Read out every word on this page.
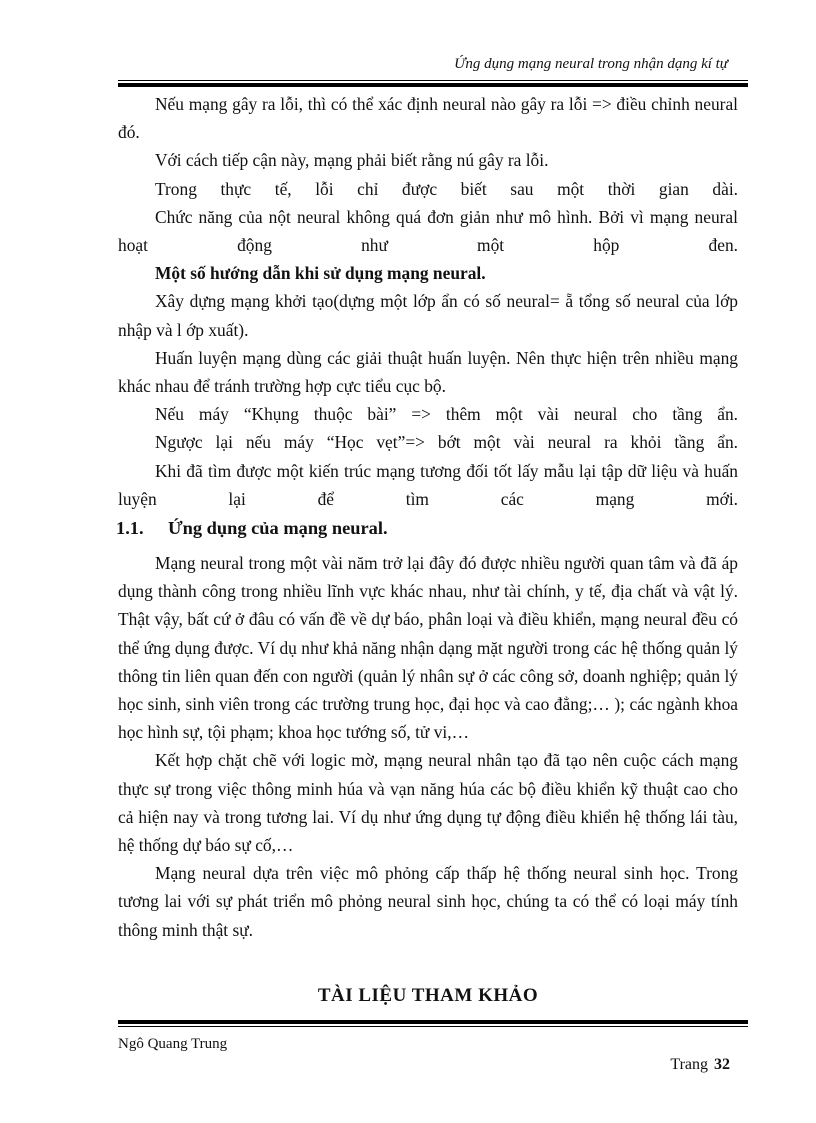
Ứng dụng mạng neural trong nhận dạng kí tự

Nếu mạng gây ra lỗi, thì có thể xác định neural nào gây ra lỗi => điều chỉnh neural đó.

Với cách tiếp cận này, mạng phải biết rằng nú gây ra lỗi.

Trong thực tế, lỗi chỉ được biết sau một thời gian dài.

Chức năng của nột neural không quá đơn giản như mô hình. Bởi vì mạng neural hoạt động như một hộp đen.

Một số hướng dẫn khi sử dụng mạng neural.

Xây dựng mạng khởi tạo(dựng một lớp ẩn có số neural= ẵ tổng số neural của lớp nhập và l ớp xuất).

Huấn luyện mạng dùng các giải thuật huấn luyện. Nên thực hiện trên nhiều mạng khác nhau để tránh trường hợp cực tiểu cục bộ.

Nếu máy “Khụng thuộc bài” => thêm một vài neural cho tầng ẩn.

Ngược lại nếu máy “Học vẹt”=> bớt một vài neural ra khỏi tầng ẩn.

Khi đã tìm được một kiến trúc mạng tương đối tốt lấy mẫu lại tập dữ liệu và huấn luyện lại để tìm các mạng mới.

1.1. Ứng dụng của mạng neural.

Mạng neural trong một vài năm trở lại đây đó được nhiều người quan tâm và đã áp dụng thành công trong nhiều lĩnh vực khác nhau, như tài chính, y tế, địa chất và vật lý. Thật vậy, bất cứ ở đâu có vấn đề về dự báo, phân loại và điều khiển, mạng neural đều có thể ứng dụng được. Ví dụ như khả năng nhận dạng mặt người trong các hệ thống quản lý thông tin liên quan đến con người (quản lý nhân sự ở các công sở, doanh nghiệp; quản lý học sinh, sinh viên trong các trường trung học, đại học và cao đẳng;… ); các ngành khoa học hình sự, tội phạm; khoa học tướng số, tử vi,…

Kết hợp chặt chẽ với logic mờ, mạng neural nhân tạo đã tạo nên cuộc cách mạng thực sự trong việc thông minh húa và vạn năng húa các bộ điều khiển kỹ thuật cao cho cả hiện nay và trong tương lai. Ví dụ như ứng dụng tự động điều khiển hệ thống lái tàu, hệ thống dự báo sự cố,…

Mạng neural dựa trên việc mô phỏng cấp thấp hệ thống neural sinh học. Trong tương lai với sự phát triển mô phỏng neural sinh học, chúng ta có thể có loại máy tính thông minh thật sự.

TÀI LIỆU THAM KHẢO
Ngô Quang Trung
Trang 32
